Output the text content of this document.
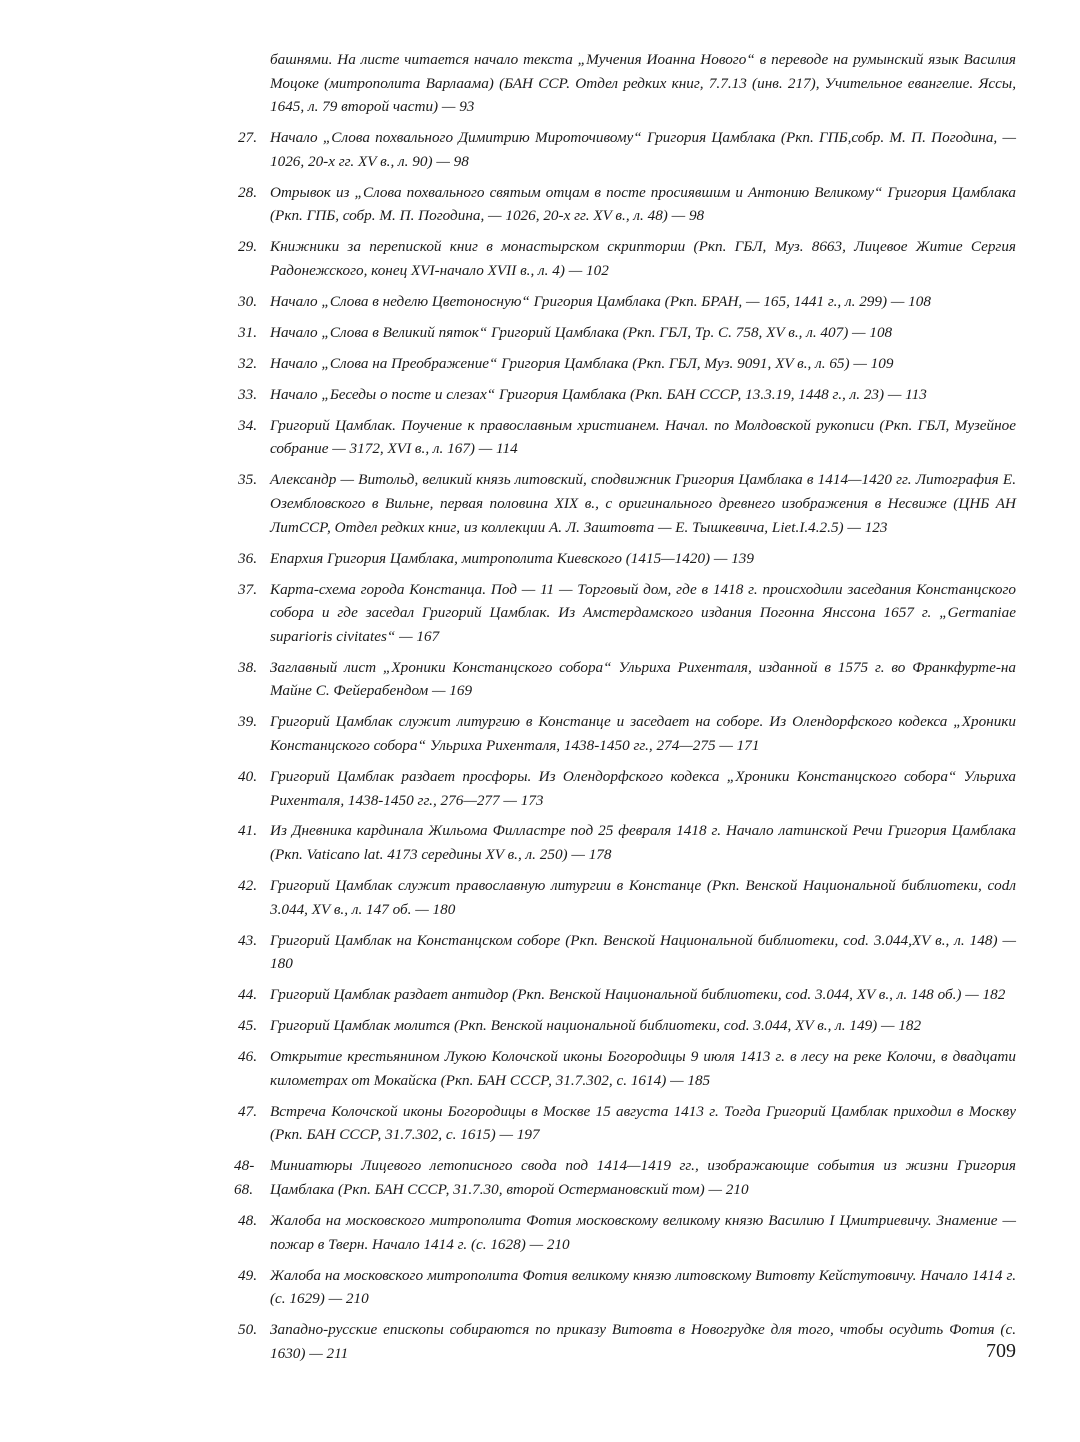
башнями. На листе читается начало текста „Мучения Иоанна Нового“ в переводе на румынский язык Василия Моцоке (митрополита Варлаама) (БАН ССР. Отдел редких книг, 7.7.13 (инв. 217), Учительное евангелие. Яссы, 1645, л. 79 второй части) — 93
27. Начало „Слова похвального Димитрию Мироточивому“ Григория Цамблака (Ркп. ГПБ,собр. М. П. Погодина, — 1026, 20-х гг. XV в., л. 90) — 98
28. Отрывок из „Слова похвального святым отцам в посте просиявшим и Антонию Великому“ Григория Цамблака (Ркп. ГПБ, собр. М. П. Погодина, — 1026, 20-х гг. XV в., л. 48) — 98
29. Книжники за перепиской книг в монастырском скриптории (Ркп. ГБЛ, Муз. 8663, Лицевое Житие Сергия Радонежского, конец XVI-начало XVII в., л. 4) — 102
30. Начало „Слова в неделю Цветоносную“ Григория Цамблака (Ркп. БРАН, — 165, 1441 г., л. 299) — 108
31. Начало „Слова в Великий пяток“ Григорий Цамблака (Ркп. ГБЛ, Тр. С. 758, XV в., л. 407) — 108
32. Начало „Слова на Преображение“ Григория Цамблака (Ркп. ГБЛ, Муз. 9091, XV в., л. 65) — 109
33. Начало „Беседы о посте и слезах“ Григория Цамблака (Ркп. БАН СССР, 13.3.19, 1448 г., л. 23) — 113
34. Григорий Цамблак. Поучение к православным христианем. Начал. по Молдовской рукописи (Ркп. ГБЛ, Музейное собрание — 3172, XVI в., л. 167) — 114
35. Александр — Витольд, великий князь литовский, сподвижник Григория Цамблака в 1414—1420 гг. Литография Е. Озембловского в Вильне, первая половина XIX в., с оригинального древнего изображения в Несвиже (ЦНБ АН ЛитССР, Отдел редких книг, из коллекции А. Л. Заштовта — Е. Тышкевича, Liet.I.4.2.5) — 123
36. Епархия Григория Цамблака, митрополита Киевского (1415—1420) — 139
37. Карта-схема города Констанца. Под — 11 — Торговый дом, где в 1418 г. происходили заседания Констанцского собора и где заседал Григорий Цамблак. Из Амстердамского издания Погонна Янссона 1657 г. „Germaniae suparioris civitates“ — 167
38. Заглавный лист „Хроники Констанцского собора“ Ульриха Рихенталя, изданной в 1575 г. во Франкфурте-на Майне С. Фейерабендом — 169
39. Григорий Цамблак служит литургию в Констанце и заседает на соборе. Из Олендорфского кодекса „Хроники Констанцского собора“ Ульриха Рихенталя, 1438-1450 гг., 274—275 — 171
40. Григорий Цамблак раздает просфоры. Из Олендорфского кодекса „Хроники Констанцского собора“ Ульриха Рихенталя, 1438-1450 гг., 276—277 — 173
41. Из Дневника кардинала Жильома Филластре под 25 февраля 1418 г. Начало латинской Речи Григория Цамблака (Ркп. Vaticano lat. 4173 середины XV в., л. 250) — 178
42. Григорий Цамблак служит православную литургии в Констанце (Ркп. Венской Национальной библиотеки, codл 3.044, XV в., л. 147 об. — 180
43. Григорий Цамблак на Констанцском соборе (Ркп. Венской Национальной библиотеки, cod. 3.044,XV в., л. 148) — 180
44. Григорий Цамблак раздает антидор (Ркп. Венской Национальной библиотеки, cod. 3.044, XV в., л. 148 об.) — 182
45. Григорий Цамблак молится (Ркп. Венской национальной библиотеки, cod. 3.044, XV в., л. 149) — 182
46. Открытие крестьянином Лукою Колочской иконы Богородицы 9 июля 1413 г. в лесу на реке Колочи, в двадцати километрах от Мокайска (Ркп. БАН СССР, 31.7.302, с. 1614) — 185
47. Встреча Колочской иконы Богородицы в Москве 15 августа 1413 г. Тогда Григорий Цамблак приходил в Москву (Ркп. БАН СССР, 31.7.302, с. 1615) — 197
48-68.
Миниатюры Лицевого летописного свода под 1414—1419 гг., изображающие события из жизни Григория Цамблака (Ркп. БАН СССР, 31.7.30, второй Остермановский том) — 210
48. Жалоба на московского митрополита Фотия московскому великому князю Василию I Цмитриевичу. Знамение — пожар в Тверн. Начало 1414 г. (с. 1628) — 210
49. Жалоба на московского митрополита Фотия великому князю литовскому Витовту Кейстутовичу. Начало 1414 г. (с. 1629) — 210
50. Западно-русские епископы собираются по приказу Витовта в Новогрудке для того, чтобы осудить Фотия (с. 1630) — 211	709
